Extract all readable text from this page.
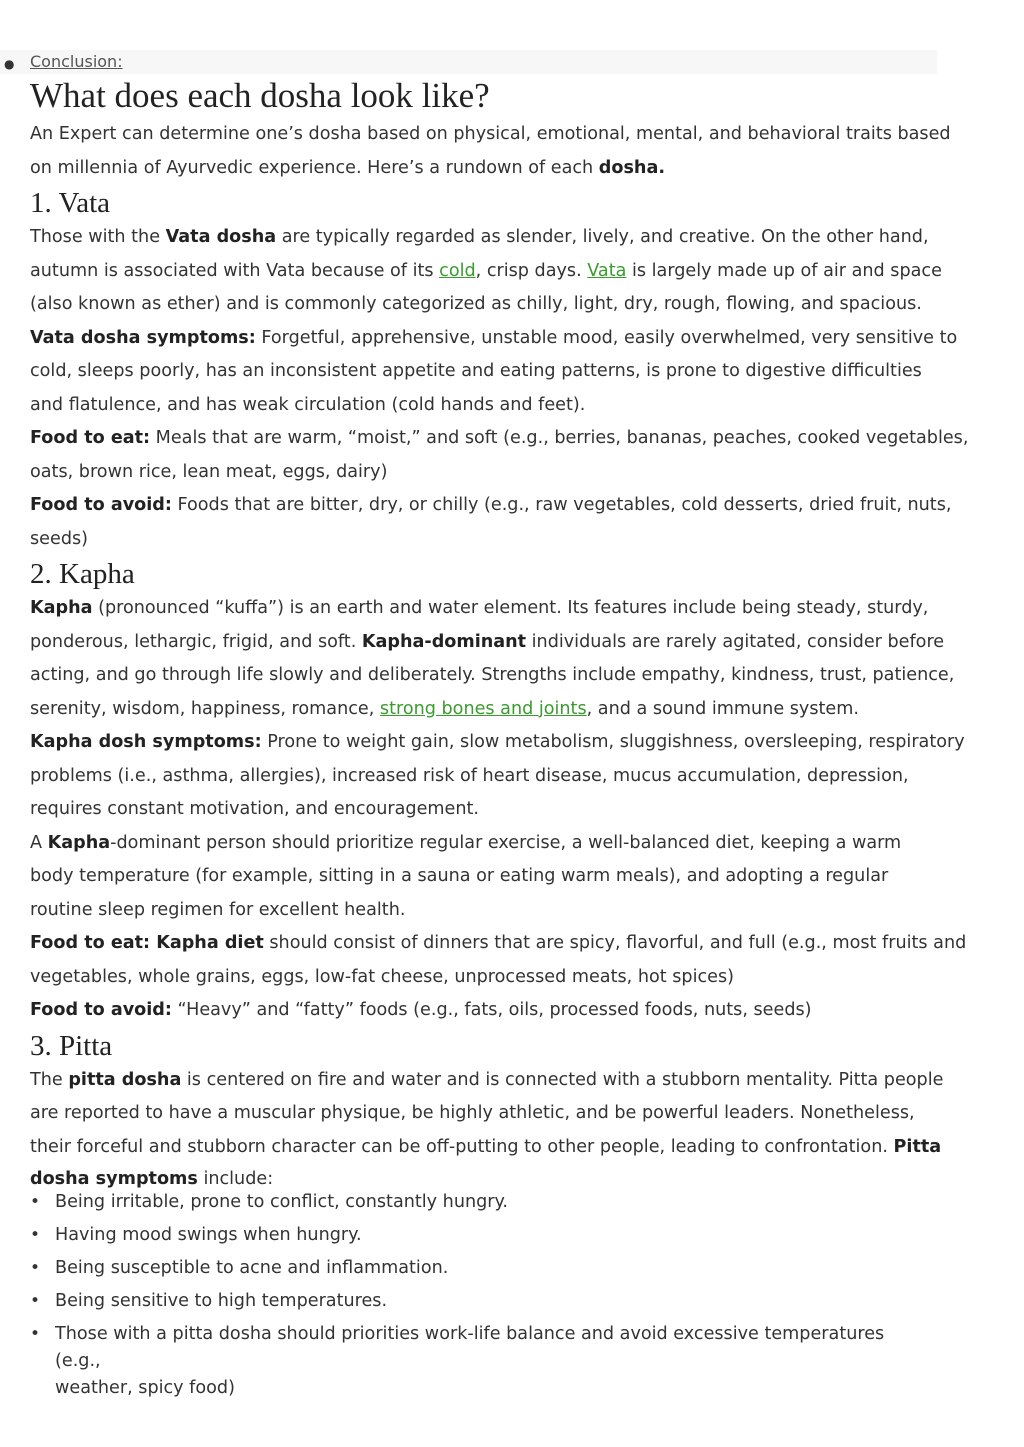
● Conclusion:
What does each dosha look like?

An Expert can determine one’s dosha based on physical, emotional, mental, and behavioral traits based

on millennia of Ayurvedic experience. Here’s a rundown of each dosha.

1. Vata

Those with the Vata dosha are typically regarded as slender, lively, and creative. On the other hand,

autumn is associated with Vata because of its cold, crisp days. Vata is largely made up of air and space

(also known as ether) and is commonly categorized as chilly, light, dry, rough, flowing, and spacious.

Vata dosha symptoms: Forgetful, apprehensive, unstable mood, easily overwhelmed, very sensitive to

cold, sleeps poorly, has an inconsistent appetite and eating patterns, is prone to digestive difficulties

and flatulence, and has weak circulation (cold hands and feet).

Food to eat: Meals that are warm, “moist,” and soft (e.g., berries, bananas, peaches, cooked vegetables,

oats, brown rice, lean meat, eggs, dairy)

Food to avoid: Foods that are bitter, dry, or chilly (e.g., raw vegetables, cold desserts, dried fruit, nuts,

seeds)

2. Kapha

Kapha (pronounced “kuffa”) is an earth and water element. Its features include being steady, sturdy,

ponderous, lethargic, frigid, and soft. Kapha-dominant individuals are rarely agitated, consider before

acting, and go through life slowly and deliberately. Strengths include empathy, kindness, trust, patience,

serenity, wisdom, happiness, romance, strong bones and joints, and a sound immune system.

Kapha dosh symptoms: Prone to weight gain, slow metabolism, sluggishness, oversleeping, respiratory

problems (i.e., asthma, allergies), increased risk of heart disease, mucus accumulation, depression,

requires constant motivation, and encouragement.

A Kapha-dominant person should prioritize regular exercise, a well-balanced diet, keeping a warm

body temperature (for example, sitting in a sauna or eating warm meals), and adopting a regular

routine sleep regimen for excellent health.

Food to eat: Kapha diet should consist of dinners that are spicy, flavorful, and full (e.g., most fruits and

vegetables, whole grains, eggs, low-fat cheese, unprocessed meats, hot spices)

Food to avoid: “Heavy” and “fatty” foods (e.g., fats, oils, processed foods, nuts, seeds)

3. Pitta

The pitta dosha is centered on fire and water and is connected with a stubborn mentality. Pitta people

are reported to have a muscular physique, be highly athletic, and be powerful leaders. Nonetheless,

their forceful and stubborn character can be off-putting to other people, leading to confrontation. Pitta

dosha symptoms include:

• Being irritable, prone to conflict, constantly hungry.
• Having mood swings when hungry.
• Being susceptible to acne and inflammation.
• Being sensitive to high temperatures.
• Those with a pitta dosha should priorities work-life balance and avoid excessive temperatures (e.g.,
weather, spicy food)
